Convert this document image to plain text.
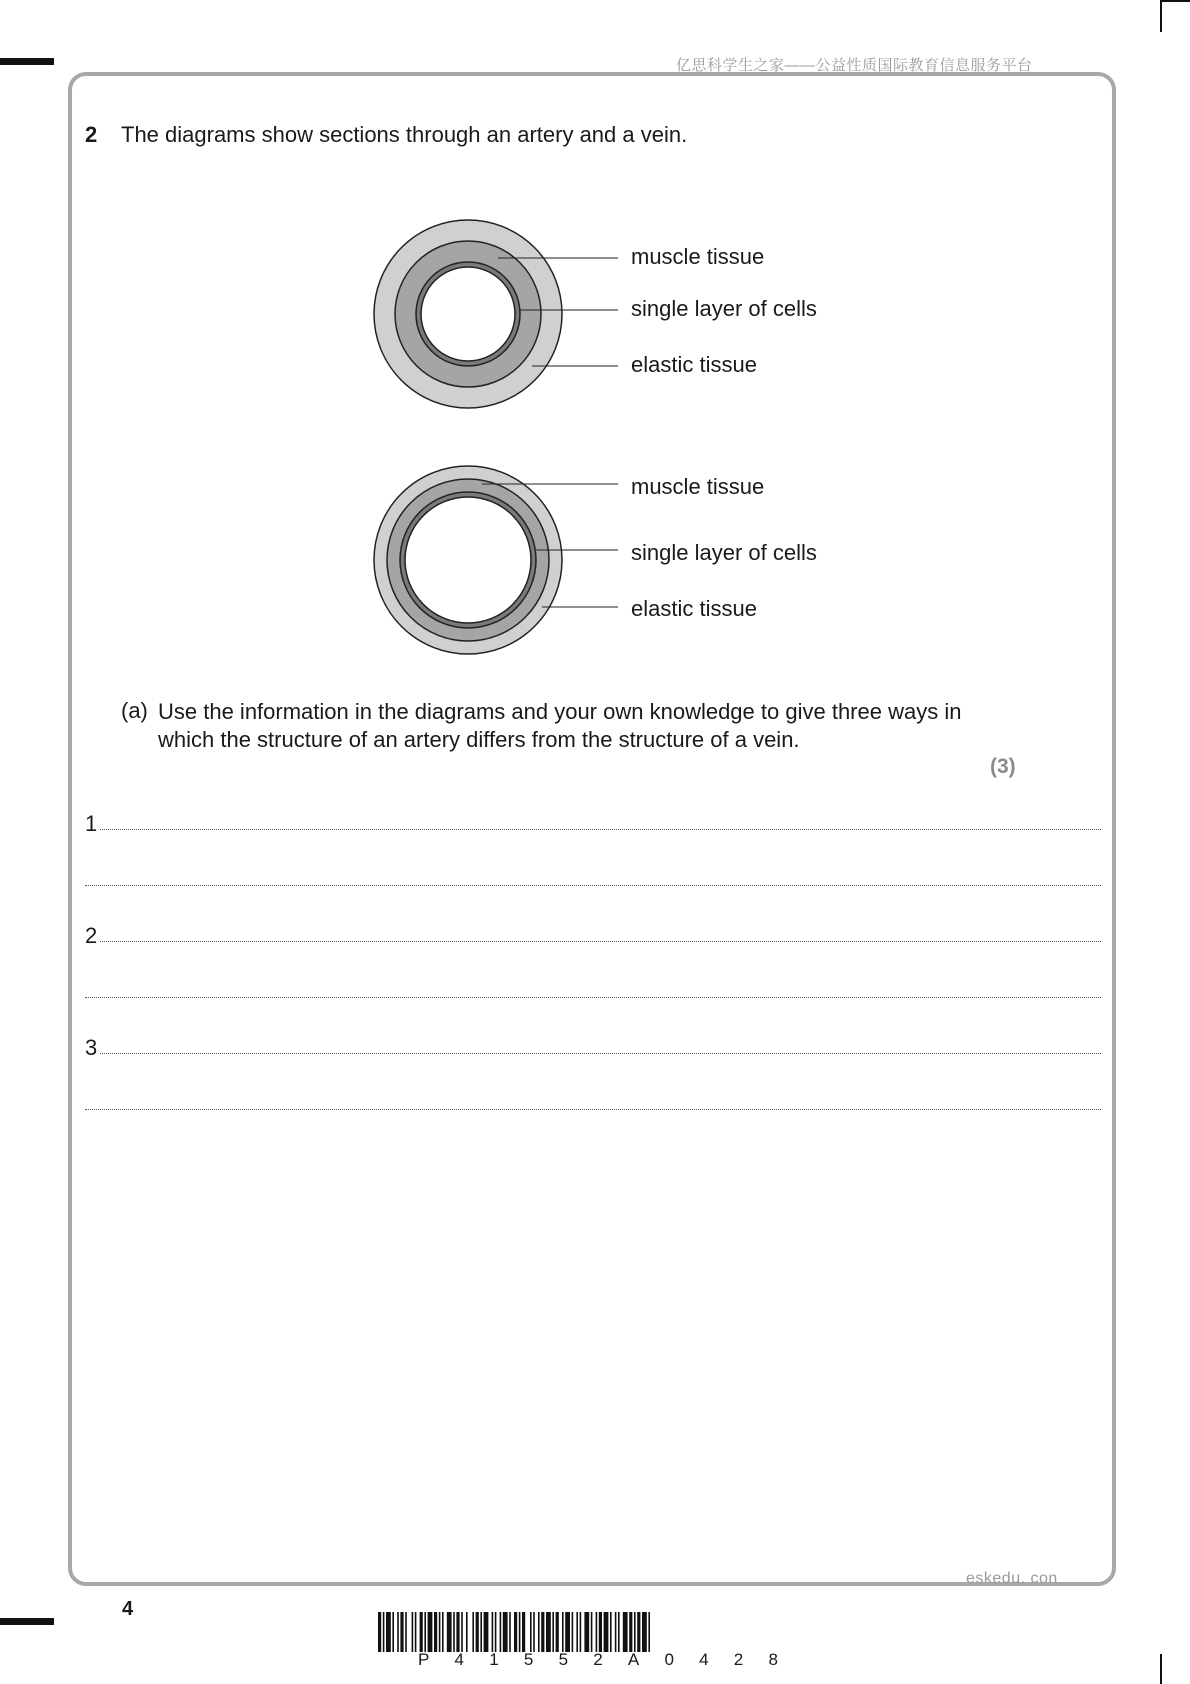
亿思科学生之家——公益性质国际教育信息服务平台
2 The diagrams show sections through an artery and a vein.
muscle tissue
single layer of cells
elastic tissue
muscle tissue
single layer of cells
elastic tissue
(a) Use the information in the diagrams and your own knowledge to give three ways in which the structure of an artery differs from the structure of a vein.
(3)
1
2
3
eskedu. con
4
P 4 1 5 5 2 A 0 4 2 8
